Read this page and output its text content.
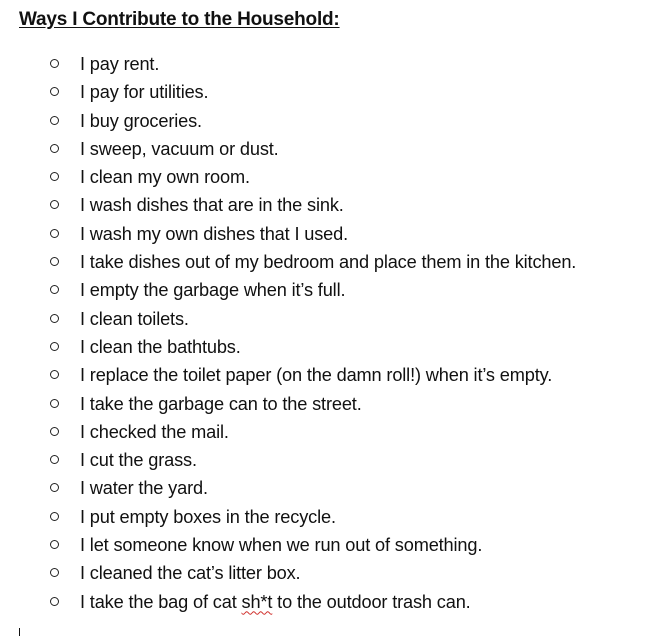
Ways I Contribute to the Household:
I pay rent.
I pay for utilities.
I buy groceries.
I sweep, vacuum or dust.
I clean my own room.
I wash dishes that are in the sink.
I wash my own dishes that I used.
I take dishes out of my bedroom and place them in the kitchen.
I empty the garbage when it’s full.
I clean toilets.
I clean the bathtubs.
I replace the toilet paper (on the damn roll!) when it’s empty.
I take the garbage can to the street.
I checked the mail.
I cut the grass.
I water the yard.
I put empty boxes in the recycle.
I let someone know when we run out of something.
I cleaned the cat’s litter box.
I take the bag of cat sh*t to the outdoor trash can.
